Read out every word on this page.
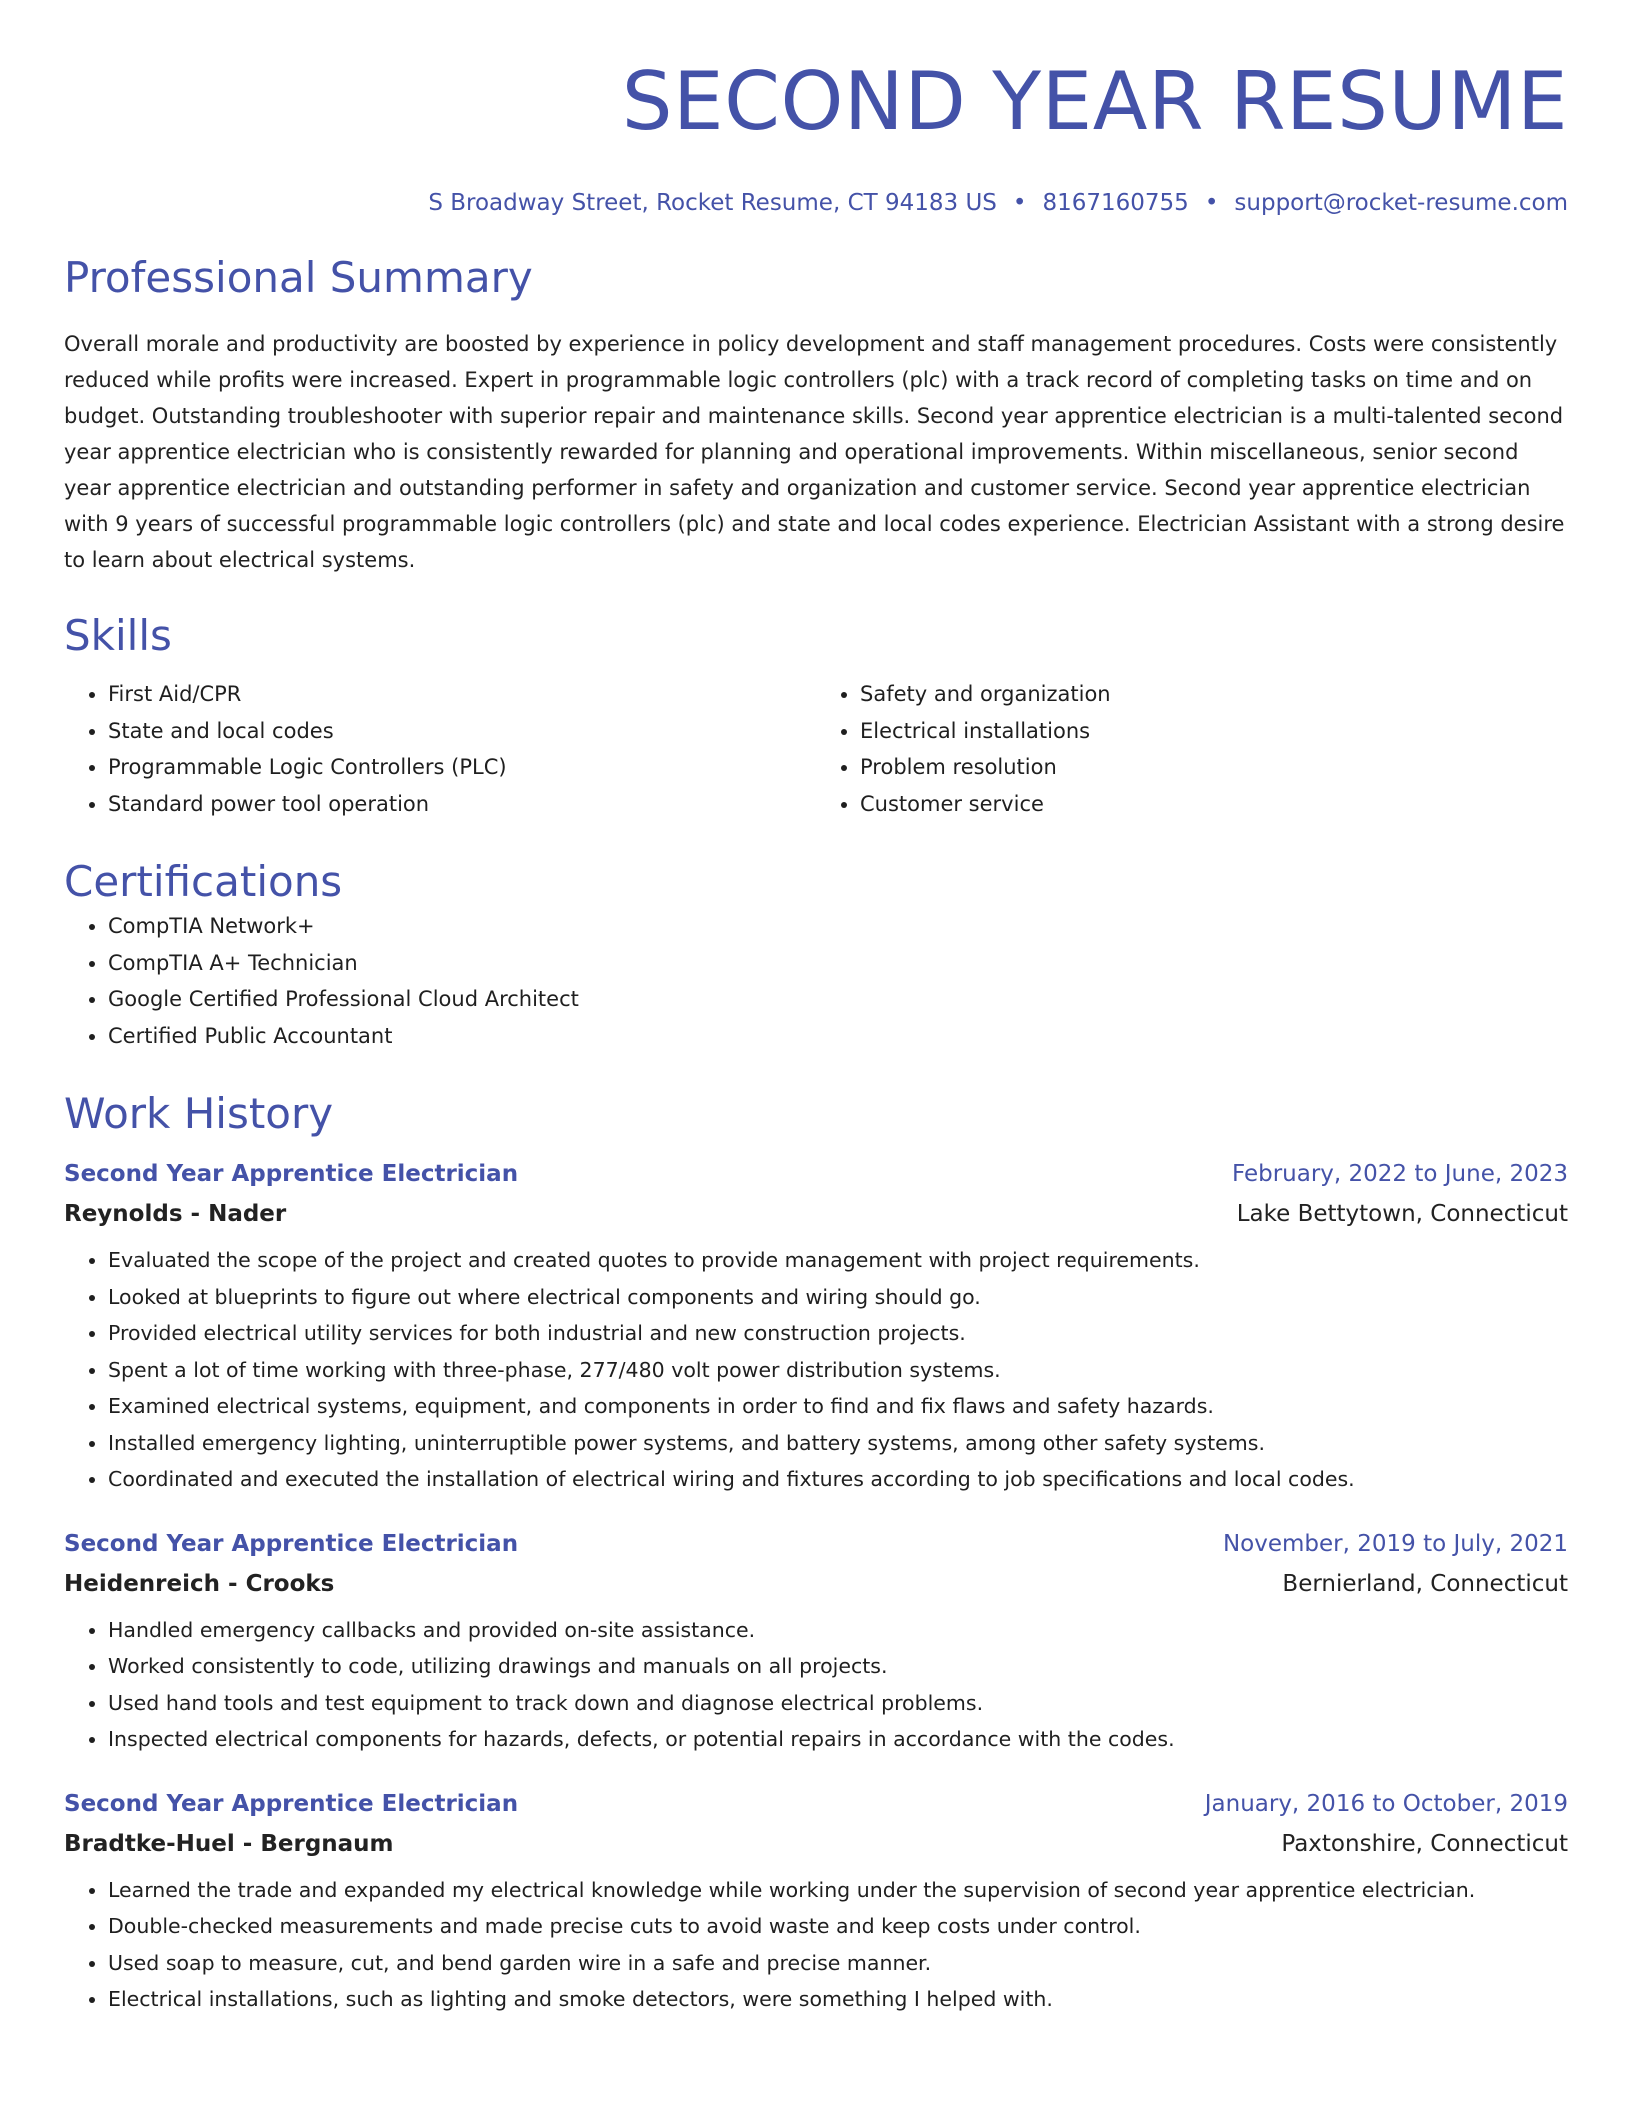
SECOND YEAR RESUME
S Broadway Street, Rocket Resume, CT 94183 US • 8167160755 • support@rocket-resume.com
Professional Summary
Overall morale and productivity are boosted by experience in policy development and staff management procedures. Costs were consistently reduced while profits were increased. Expert in programmable logic controllers (plc) with a track record of completing tasks on time and on budget. Outstanding troubleshooter with superior repair and maintenance skills. Second year apprentice electrician is a multi-talented second year apprentice electrician who is consistently rewarded for planning and operational improvements. Within miscellaneous, senior second year apprentice electrician and outstanding performer in safety and organization and customer service. Second year apprentice electrician with 9 years of successful programmable logic controllers (plc) and state and local codes experience. Electrician Assistant with a strong desire to learn about electrical systems.
Skills
• First Aid/CPR
• State and local codes
• Programmable Logic Controllers (PLC)
• Standard power tool operation
• Safety and organization
• Electrical installations
• Problem resolution
• Customer service
Certifications
• CompTIA Network+
• CompTIA A+ Technician
• Google Certified Professional Cloud Architect
• Certified Public Accountant
Work History
Second Year Apprentice Electrician	February, 2022 to June, 2023
Reynolds - Nader	Lake Bettytown, Connecticut
• Evaluated the scope of the project and created quotes to provide management with project requirements.
• Looked at blueprints to figure out where electrical components and wiring should go.
• Provided electrical utility services for both industrial and new construction projects.
• Spent a lot of time working with three-phase, 277/480 volt power distribution systems.
• Examined electrical systems, equipment, and components in order to find and fix flaws and safety hazards.
• Installed emergency lighting, uninterruptible power systems, and battery systems, among other safety systems.
• Coordinated and executed the installation of electrical wiring and fixtures according to job specifications and local codes.
Second Year Apprentice Electrician	November, 2019 to July, 2021
Heidenreich - Crooks	Bernierland, Connecticut
• Handled emergency callbacks and provided on-site assistance.
• Worked consistently to code, utilizing drawings and manuals on all projects.
• Used hand tools and test equipment to track down and diagnose electrical problems.
• Inspected electrical components for hazards, defects, or potential repairs in accordance with the codes.
Second Year Apprentice Electrician	January, 2016 to October, 2019
Bradtke-Huel - Bergnaum	Paxtonshire, Connecticut
• Learned the trade and expanded my electrical knowledge while working under the supervision of second year apprentice electrician.
• Double-checked measurements and made precise cuts to avoid waste and keep costs under control.
• Used soap to measure, cut, and bend garden wire in a safe and precise manner.
• Electrical installations, such as lighting and smoke detectors, were something I helped with.
